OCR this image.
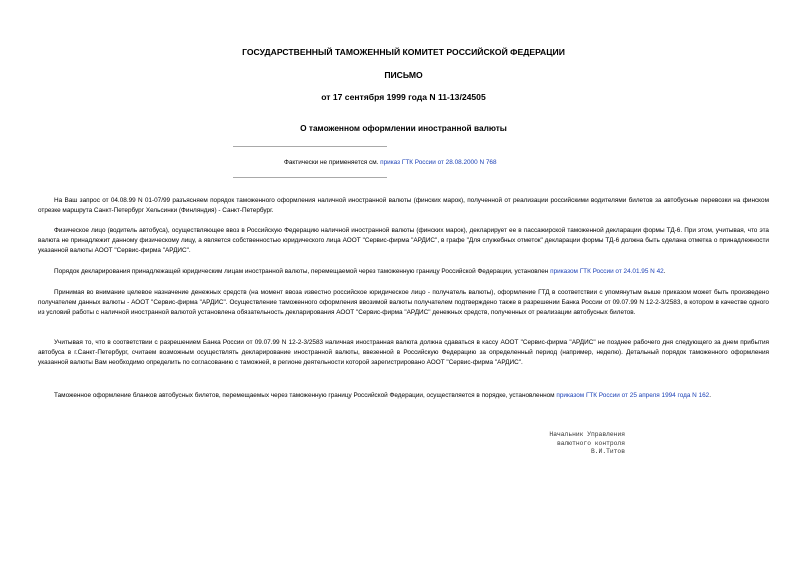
ГОСУДАРСТВЕННЫЙ ТАМОЖЕННЫЙ КОМИТЕТ РОССИЙСКОЙ ФЕДЕРАЦИИ
ПИСЬМО
от 17 сентября 1999 года N 11-13/24505
О таможенном оформлении иностранной валюты
Фактически не применяется см. приказ ГТК России от 28.08.2000 N 768

На Ваш запрос от 04.08.99 N 01-07/99 разъясняем порядок таможенного оформления наличной иностранной валюты (финских марок), полученной от реализации российскими водителями билетов за автобусные перевозки на финском отрезке маршрута Санкт-Петербург Хельсинки (Финляндия) - Санкт-Петербург.

Физическое лицо (водитель автобуса), осуществляющее ввоз в Российскую Федерацию наличной иностранной валюты (финских марок), декларирует ее в пассажирской таможенной декларации формы ТД-6. При этом, учитывая, что эта валюта не принадлежит данному физическому лицу, а является собственностью юридического лица АООТ "Сервис-фирма "АРДИС", в графе "Для служебных отметок" декларации формы ТД-6 должна быть сделана отметка о принадлежности указанной валюты АООТ "Сервис-фирма "АРДИС".

Порядок декларирования принадлежащей юридическим лицам иностранной валюты, перемещаемой через таможенную границу Российской Федерации, установлен приказом ГТК России от 24.01.95 N 42.

Принимая во внимание целевое назначение денежных средств (на момент ввоза известно российское юридическое лицо - получатель валюты), оформление ГТД в соответствии с упомянутым выше приказом может быть произведено получателем данных валюты - АООТ "Сервис-фирма "АРДИС". Осуществление таможенного оформления ввозимой валюты получателем подтверждено также в разрешении Банка России от 09.07.99 N 12-2-3/2583, в котором в качестве одного из условий работы с наличной иностранной валютой установлена обязательность декларирования АООТ "Сервис-фирма "АРДИС" денежных средств, полученных от реализации автобусных билетов.

Учитывая то, что в соответствии с разрешением Банка России от 09.07.99 N 12-2-3/2583 наличная иностранная валюта должна сдаваться в кассу АООТ "Сервис-фирма "АРДИС" не позднее рабочего дня следующего за днем прибытия автобуса в г.Санкт-Петербург, считаем возможным осуществлять декларирование иностранной валюты, ввезенной в Российскую Федерацию за определенный период (например, неделю). Детальный порядок таможенного оформления указанной валюты Вам необходимо определить по согласованию с таможней, в регионе деятельности которой зарегистрировано АООТ "Сервис-фирма "АРДИС".

Таможенное оформление бланков автобусных билетов, перемещаемых через таможенную границу Российской Федерации, осуществляется в порядке, установленном приказом ГТК России от 25 апреля 1994 года N 162.

Начальник Управления
валютного контроля
В.И.Титов
